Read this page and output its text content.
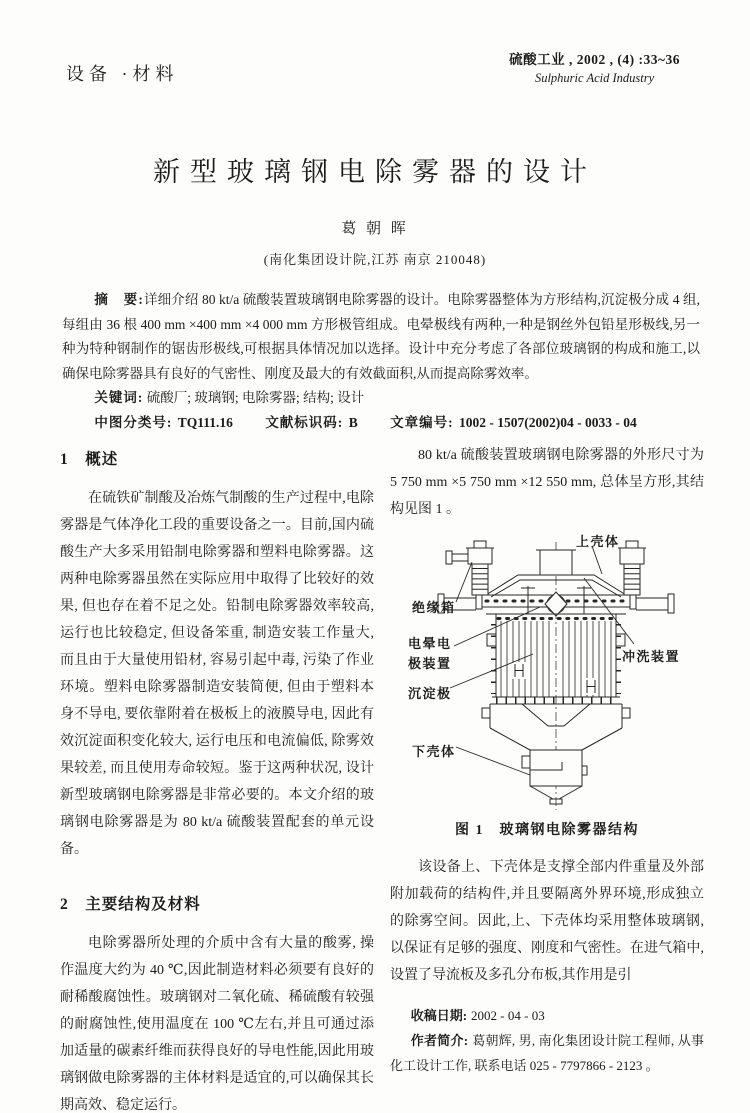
设备 ·材料
硫酸工业 , 2002 , (4) :33~36
Sulphuric Acid Industry
新型玻璃钢电除雾器的设计
葛 朝 晖
(南化集团设计院,江苏 南京 210048)

摘　要:详细介绍 80 kt/a 硫酸装置玻璃钢电除雾器的设计。电除雾器整体为方形结构,沉淀极分成 4 组,每组由 36 根 400 mm ×400 mm ×4 000 mm 方形极管组成。电晕极线有两种,一种是钢丝外包铅星形极线,另一种为特种钢制作的锯齿形极线,可根据具体情况加以选择。设计中充分考虑了各部位玻璃钢的构成和施工,以确保电除雾器具有良好的气密性、刚度及最大的有效截面积,从而提高除雾效率。

关键词: 硫酸厂; 玻璃钢; 电除雾器; 结构; 设计

中图分类号: TQ111.16 文献标识码: B 文章编号: 1002 - 1507(2002)04 - 0033 - 04

1　概述

在硫铁矿制酸及冶炼气制酸的生产过程中,电除雾器是气体净化工段的重要设备之一。目前,国内硫酸生产大多采用铅制电除雾器和塑料电除雾器。这两种电除雾器虽然在实际应用中取得了比较好的效果, 但也存在着不足之处。铅制电除雾器效率较高, 运行也比较稳定, 但设备笨重, 制造安装工作量大, 而且由于大量使用铅材, 容易引起中毒, 污染了作业环境。塑料电除雾器制造安装简便, 但由于塑料本身不导电, 要依靠附着在极板上的液膜导电, 因此有效沉淀面积变化较大, 运行电压和电流偏低, 除雾效果较差, 而且使用寿命较短。鉴于这两种状况, 设计新型玻璃钢电除雾器是非常必要的。本文介绍的玻璃钢电除雾器是为 80 kt/a 硫酸装置配套的单元设备。

2　主要结构及材料

电除雾器所处理的介质中含有大量的酸雾, 操作温度大约为 40 ℃,因此制造材料必须要有良好的耐稀酸腐蚀性。玻璃钢对二氧化硫、稀硫酸有较强的耐腐蚀性,使用温度在 100 ℃左右,并且可通过添加适量的碳素纤维而获得良好的导电性能,因此用玻璃钢做电除雾器的主体材料是适宜的,可以确保其长期高效、稳定运行。

80 kt/a 硫酸装置玻璃钢电除雾器的外形尺寸为 5 750 mm ×5 750 mm ×12 550 mm, 总体呈方形,其结构见图 1 。

上壳体
绝缘箱
电晕电
极装置
沉淀极
下壳体
冲洗装置
图 1　玻璃钢电除雾器结构

该设备上、下壳体是支撑全部内件重量及外部附加载荷的结构件,并且要隔离外界环境,形成独立的除雾空间。因此,上、下壳体均采用整体玻璃钢,以保证有足够的强度、刚度和气密性。在进气箱中,设置了导流板及多孔分布板,其作用是引

收稿日期: 2002 - 04 - 03

作者简介: 葛朝辉, 男, 南化集团设计院工程师, 从事化工设计工作, 联系电话 025 - 7797866 - 2123 。
